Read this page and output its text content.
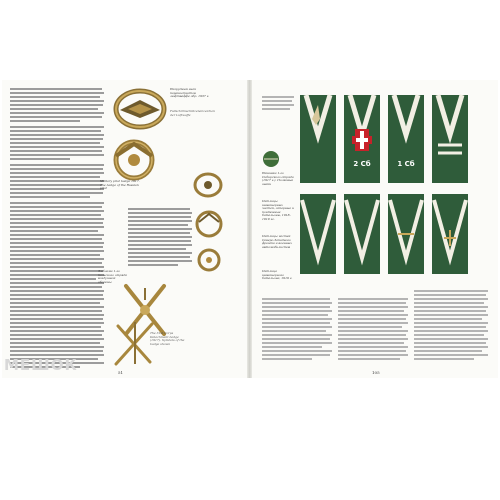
Нагрудный знак парашютистов люфтваффе обр. 1937 г.
Fallschirmschützenabzeichen der Luftwaffe
Military pilot badge 1917. The badge of the Russian pilot
Эмблема 1-го польского отряда воздушной обороны
The 31st Corps Detachment badge (1917). Symbols of the badge shown
2 Сб	1 Сб
Нашивка 1-го Сибирского отряда (1917 г.). Полковые знаки
Петлицы инженерных частей, саперные и понтонные батальоны, 1918-1919 гг.
Петлицы частей Северо-Западного фронта и военных автомобилистов
Петлица инженерного батальона, 1919 г.
51	105
МЕШОК
